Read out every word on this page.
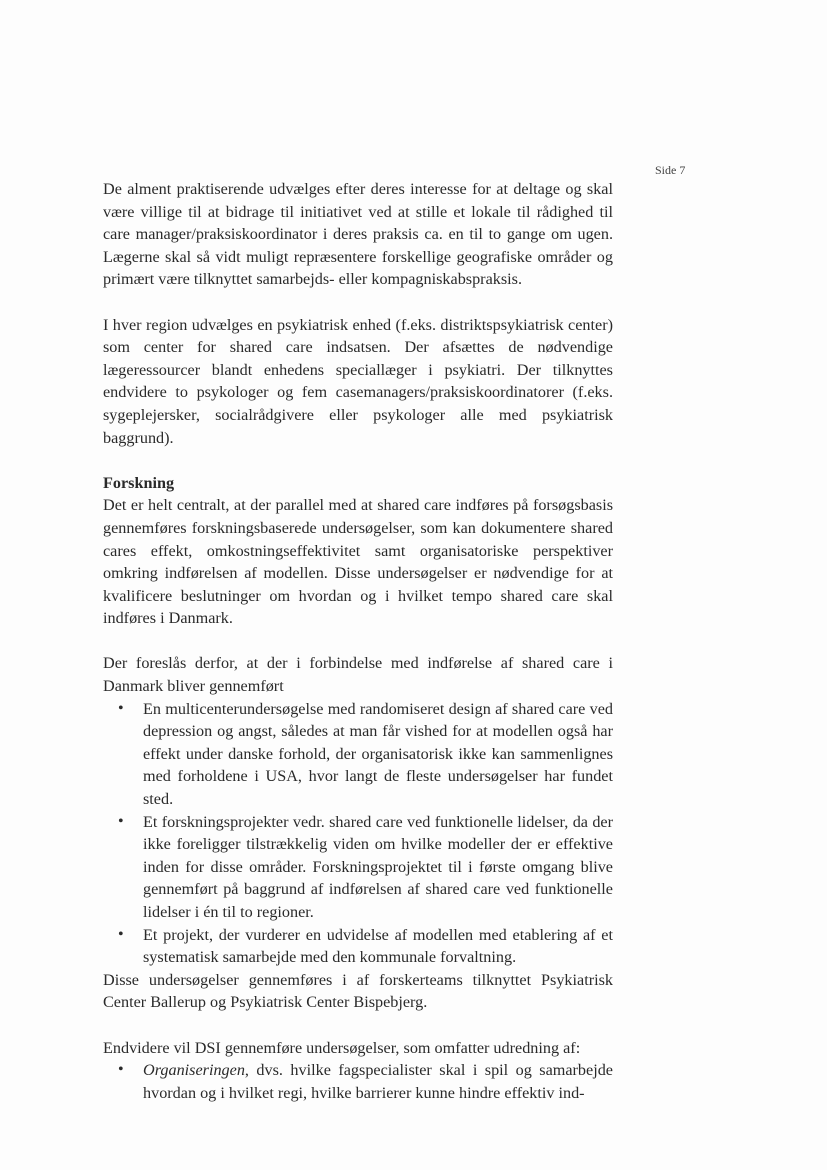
Side 7

De alment praktiserende udvælges efter deres interesse for at deltage og skal være villige til at bidrage til initiativet ved at stille et lokale til rådighed til care manager/praksiskoordinator i deres praksis ca. en til to gange om ugen. Lægerne skal så vidt muligt repræsentere forskellige geografiske områder og primært være tilknyttet samarbejds- eller kompagniskabspraksis.

I hver region udvælges en psykiatrisk enhed (f.eks. distriktspsykiatrisk center) som center for shared care indsatsen. Der afsættes de nødvendige lægeressourcer blandt enhedens speciallæger i psykiatri. Der tilknyttes endvidere to psykologer og fem casemanagers/praksiskoordinatorer (f.eks. sygeplejersker, socialrådgivere eller psykologer alle med psykiatrisk baggrund).

Forskning

Det er helt centralt, at der parallel med at shared care indføres på forsøgsbasis gennemføres forskningsbaserede undersøgelser, som kan dokumentere shared cares effekt, omkostningseffektivitet samt organisatoriske perspektiver omkring indførelsen af modellen. Disse undersøgelser er nødvendige for at kvalificere beslutninger om hvordan og i hvilket tempo shared care skal indføres i Danmark.

Der foreslås derfor, at der i forbindelse med indførelse af shared care i Danmark bliver gennemført

• En multicenterundersøgelse med randomiseret design af shared care ved depression og angst, således at man får vished for at modellen også har effekt under danske forhold, der organisatorisk ikke kan sammenlignes med forholdene i USA, hvor langt de fleste undersøgelser har fundet sted.
• Et forskningsprojekter vedr. shared care ved funktionelle lidelser, da der ikke foreligger tilstrækkelig viden om hvilke modeller der er effektive inden for disse områder. Forskningsprojektet til i første omgang blive gennemført på baggrund af indførelsen af shared care ved funktionelle lidelser i én til to regioner.
• Et projekt, der vurderer en udvidelse af modellen med etablering af et systematisk samarbejde med den kommunale forvaltning.

Disse undersøgelser gennemføres i af forskerteams tilknyttet Psykiatrisk Center Ballerup og Psykiatrisk Center Bispebjerg.

Endvidere vil DSI gennemføre undersøgelser, som omfatter udredning af:

• Organiseringen, dvs. hvilke fagspecialister skal i spil og samarbejde hvordan og i hvilket regi, hvilke barrierer kunne hindre effektiv ind-
